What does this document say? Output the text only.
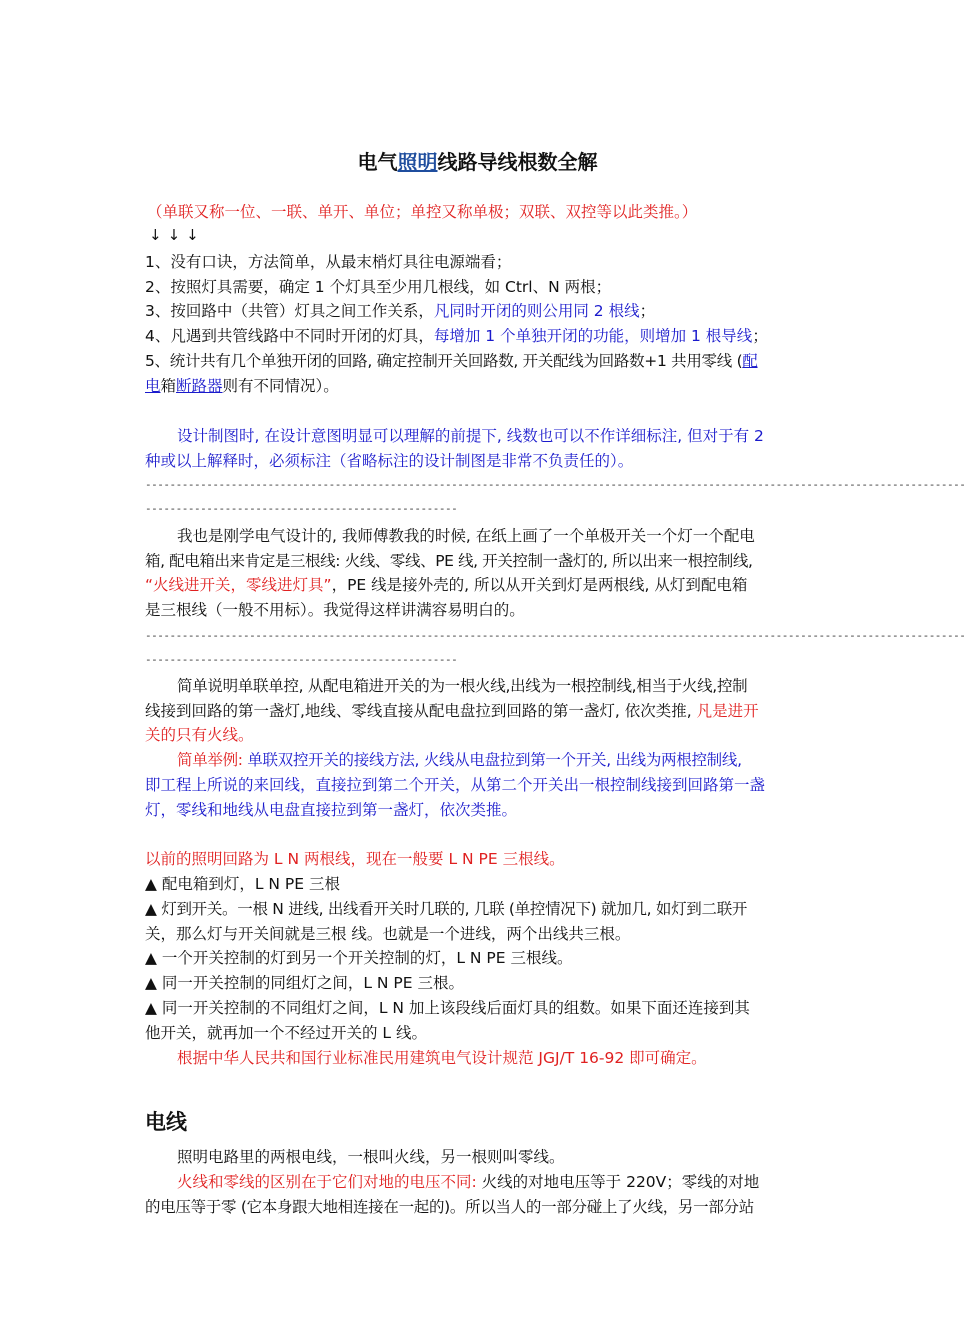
电气照明线路导线根数全解
（单联又称一位、一联、单开、单位；单控又称单极；双联、双控等以此类推。）
↓↓↓
1、没有口诀，方法简单，从最末梢灯具往电源端看；
2、按照灯具需要，确定 1 个灯具至少用几根线，如 Ctrl、N 两根；
3、按回路中（共管）灯具之间工作关系，凡同时开闭的则公用同 2 根线；
4、凡遇到共管线路中不同时开闭的灯具，每增加 1 个单独开闭的功能，则增加 1 根导线；
5、统计共有几个单独开闭的回路, 确定控制开关回路数, 开关配线为回路数+1 共用零线 (配
电箱断路器则有不同情况）。
设计制图时, 在设计意图明显可以理解的前提下, 线数也可以不作详细标注, 但对于有 2
种或以上解释时，必须标注（省略标注的设计制图是非常不负责任的）。
--------------------------------------------------------------------------------------------------------------------------------------
---------------------------------------------------
我也是刚学电气设计的, 我师傅教我的时候, 在纸上画了一个单极开关一个灯一个配电
箱, 配电箱出来肯定是三根线: 火线、零线、PE 线, 开关控制一盏灯的, 所以出来一根控制线,
“火线进开关，零线进灯具”，PE 线是接外壳的, 所以从开关到灯是两根线, 从灯到配电箱
是三根线（一般不用标）。我觉得这样讲满容易明白的。
--------------------------------------------------------------------------------------------------------------------------------------
---------------------------------------------------
简单说明单联单控, 从配电箱进开关的为一根火线,出线为一根控制线,相当于火线,控制
线接到回路的第一盏灯,地线、零线直接从配电盘拉到回路的第一盏灯, 依次类推, 凡是进开
关的只有火线。
简单举例: 单联双控开关的接线方法, 火线从电盘拉到第一个开关, 出线为两根控制线,
即工程上所说的来回线，直接拉到第二个开关，从第二个开关出一根控制线接到回路第一盏
灯，零线和地线从电盘直接拉到第一盏灯，依次类推。
以前的照明回路为 L N 两根线，现在一般要 L N PE 三根线。
▲ 配电箱到灯，L N PE 三根
▲ 灯到开关。一根 N 进线, 出线看开关时几联的, 几联 (单控情况下) 就加几, 如灯到二联开
关，那么灯与开关间就是三根 线。也就是一个进线，两个出线共三根。
▲ 一个开关控制的灯到另一个开关控制的灯，L N PE 三根线。
▲ 同一开关控制的同组灯之间，L N PE 三根。
▲ 同一开关控制的不同组灯之间，L N 加上该段线后面灯具的组数。如果下面还连接到其
他开关，就再加一个不经过开关的 L 线。
根据中华人民共和国行业标准民用建筑电气设计规范 JGJ/T 16-92 即可确定。
电线
照明电路里的两根电线，一根叫火线，另一根则叫零线。
火线和零线的区别在于它们对地的电压不同: 火线的对地电压等于 220V；零线的对地
的电压等于零 (它本身跟大地相连接在一起的)。所以当人的一部分碰上了火线，另一部分站
